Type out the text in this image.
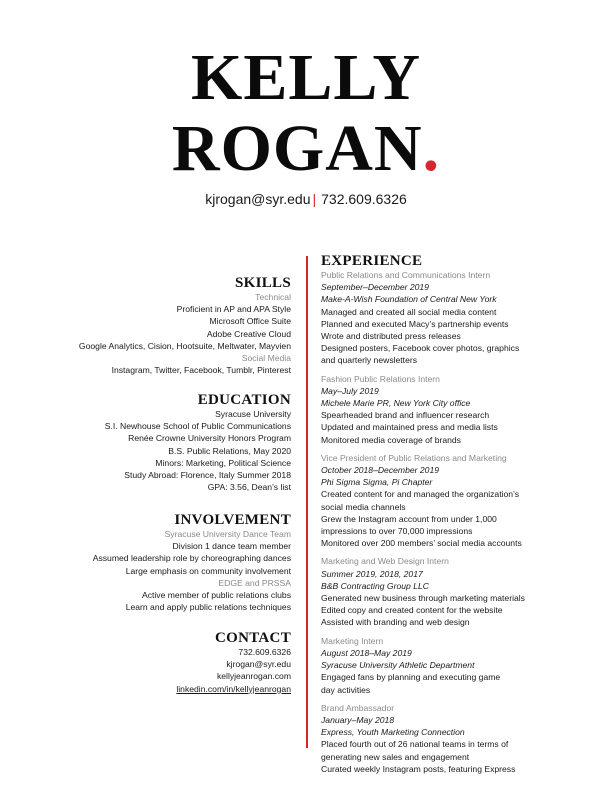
KELLY
ROGAN.
kjrogan@syr.edu | 732.609.6326
SKILLS
Technical
Proficient in AP and APA Style
Microsoft Office Suite
Adobe Creative Cloud
Google Analytics, Cision, Hootsuite, Meltwater, Mayvien
Social Media
Instagram, Twitter, Facebook, Tumblr, Pinterest
EDUCATION
Syracuse University
S.I. Newhouse School of Public Communications
Renée Crowne University Honors Program
B.S. Public Relations, May 2020
Minors: Marketing, Political Science
Study Abroad: Florence, Italy Summer 2018
GPA: 3.56, Dean’s list
INVOLVEMENT
Syracuse University Dance Team
Division 1 dance team member
Assumed leadership role by choreographing dances
Large emphasis on community involvement
EDGE and PRSSA
Active member of public relations clubs
Learn and apply public relations techniques
CONTACT
732.609.6326
kjrogan@syr.edu
kellyjeanrogan.com
linkedin.com/in/kellyjeanrogan
EXPERIENCE
Public Relations and Communications Intern
September–December 2019
Make-A-Wish Foundation of Central New York
Managed and created all social media content
Planned and executed Macy’s partnership events
Wrote and distributed press releases
Designed posters, Facebook cover photos, graphics
and quarterly newsletters
Fashion Public Relations Intern
May–July 2019
Michele Marie PR, New York City office
Spearheaded brand and influencer research
Updated and maintained press and media lists
Monitored media coverage of brands
Vice President of Public Relations and Marketing
October 2018–December 2019
Phi Sigma Sigma, Pi Chapter
Created content for and managed the organization’s
social media channels
Grew the Instagram account from under 1,000
impressions to over 70,000 impressions
Monitored over 200 members’ social media accounts
Marketing and Web Design Intern
Summer 2019, 2018, 2017
B&B Contracting Group LLC
Generated new business through marketing materials
Edited copy and created content for the website
Assisted with branding and web design
Marketing Intern
August 2018–May 2019
Syracuse University Athletic Department
Engaged fans by planning and executing game
day activities
Brand Ambassador
January–May 2018
Express, Youth Marketing Connection
Placed fourth out of 26 national teams in terms of
generating new sales and engagement
Curated weekly Instagram posts, featuring Express
